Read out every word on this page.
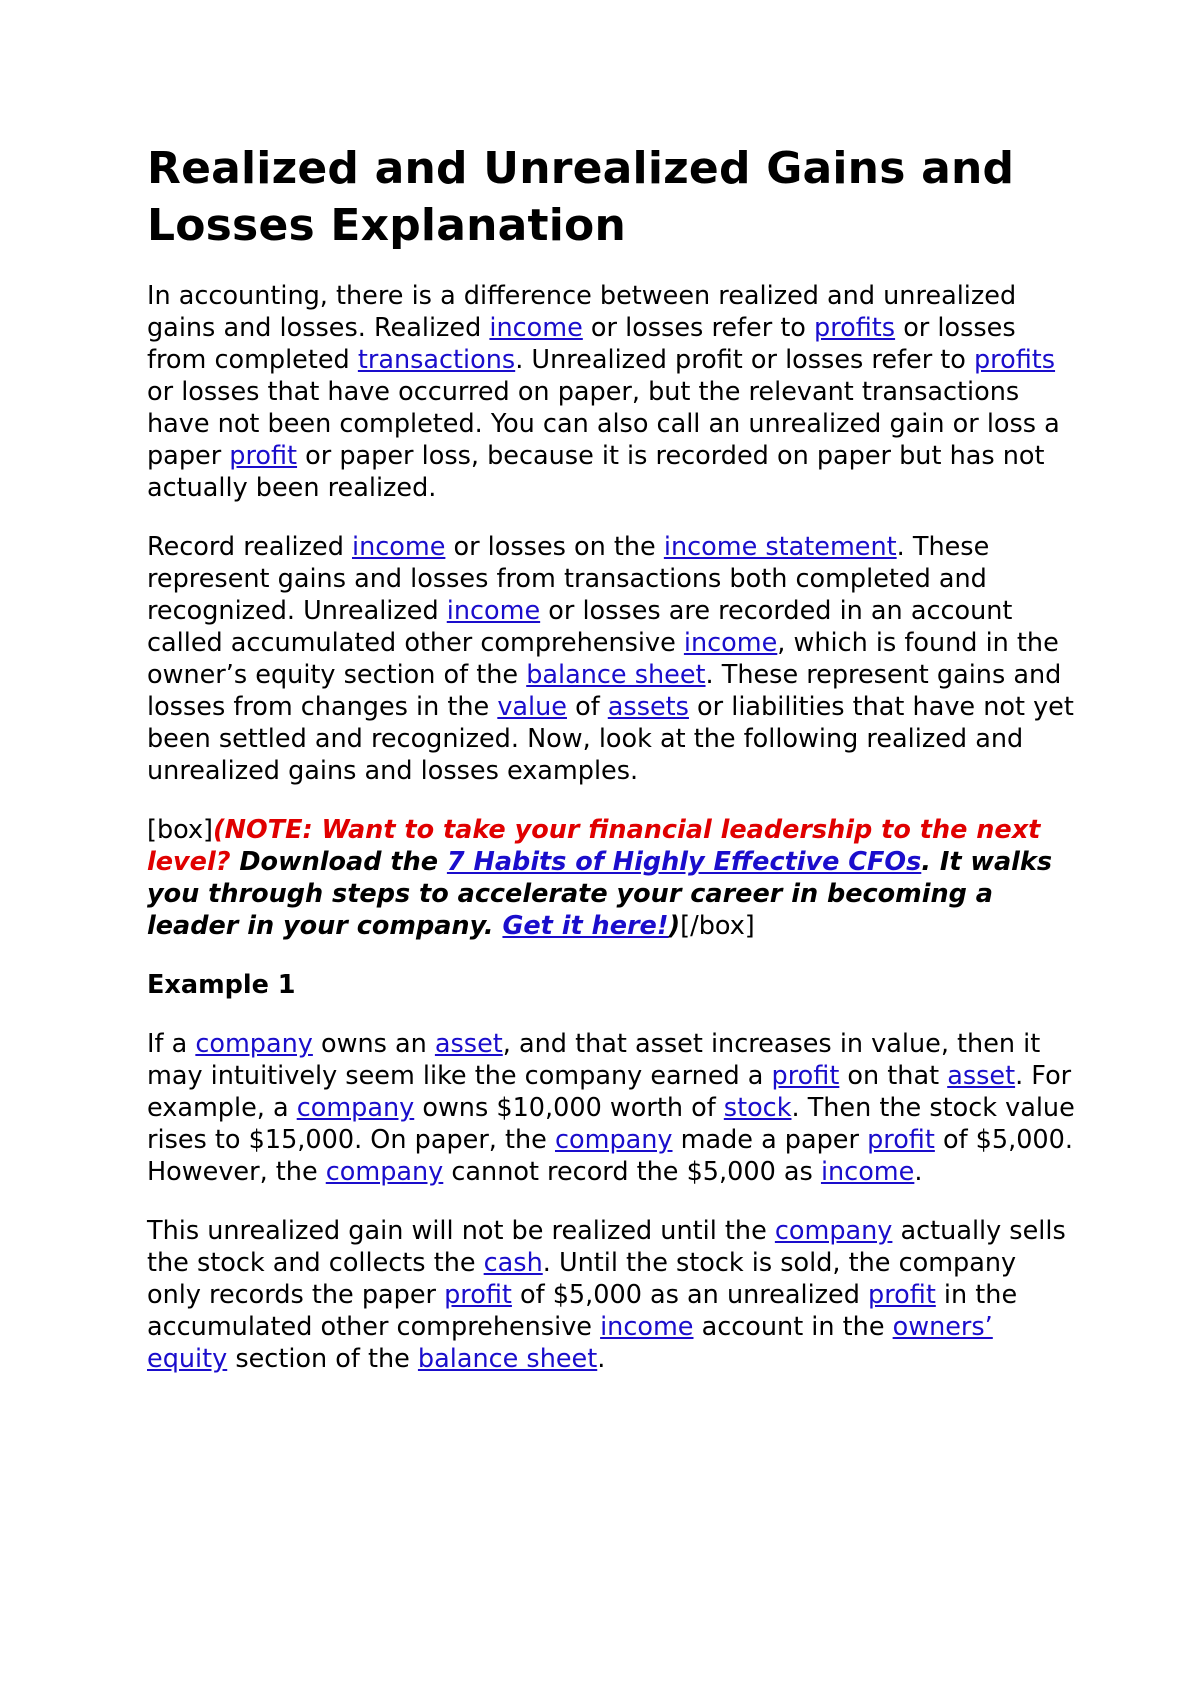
Realized and Unrealized Gains and Losses Explanation

In accounting, there is a difference between realized and unrealized gains and losses. Realized income or losses refer to profits or losses from completed transactions. Unrealized profit or losses refer to profits or losses that have occurred on paper, but the relevant transactions have not been completed. You can also call an unrealized gain or loss a paper profit or paper loss, because it is recorded on paper but has not actually been realized.

Record realized income or losses on the income statement. These represent gains and losses from transactions both completed and recognized. Unrealized income or losses are recorded in an account called accumulated other comprehensive income, which is found in the owner’s equity section of the balance sheet. These represent gains and losses from changes in the value of assets or liabilities that have not yet been settled and recognized. Now, look at the following realized and unrealized gains and losses examples.

[box](NOTE: Want to take your financial leadership to the next level? Download the 7 Habits of Highly Effective CFOs. It walks you through steps to accelerate your career in becoming a leader in your company. Get it here!)[/box]

Example 1

If a company owns an asset, and that asset increases in value, then it may intuitively seem like the company earned a profit on that asset. For example, a company owns $10,000 worth of stock. Then the stock value rises to $15,000. On paper, the company made a paper profit of $5,000. However, the company cannot record the $5,000 as income.

This unrealized gain will not be realized until the company actually sells the stock and collects the cash. Until the stock is sold, the company only records the paper profit of $5,000 as an unrealized profit in the accumulated other comprehensive income account in the owners’ equity section of the balance sheet.
